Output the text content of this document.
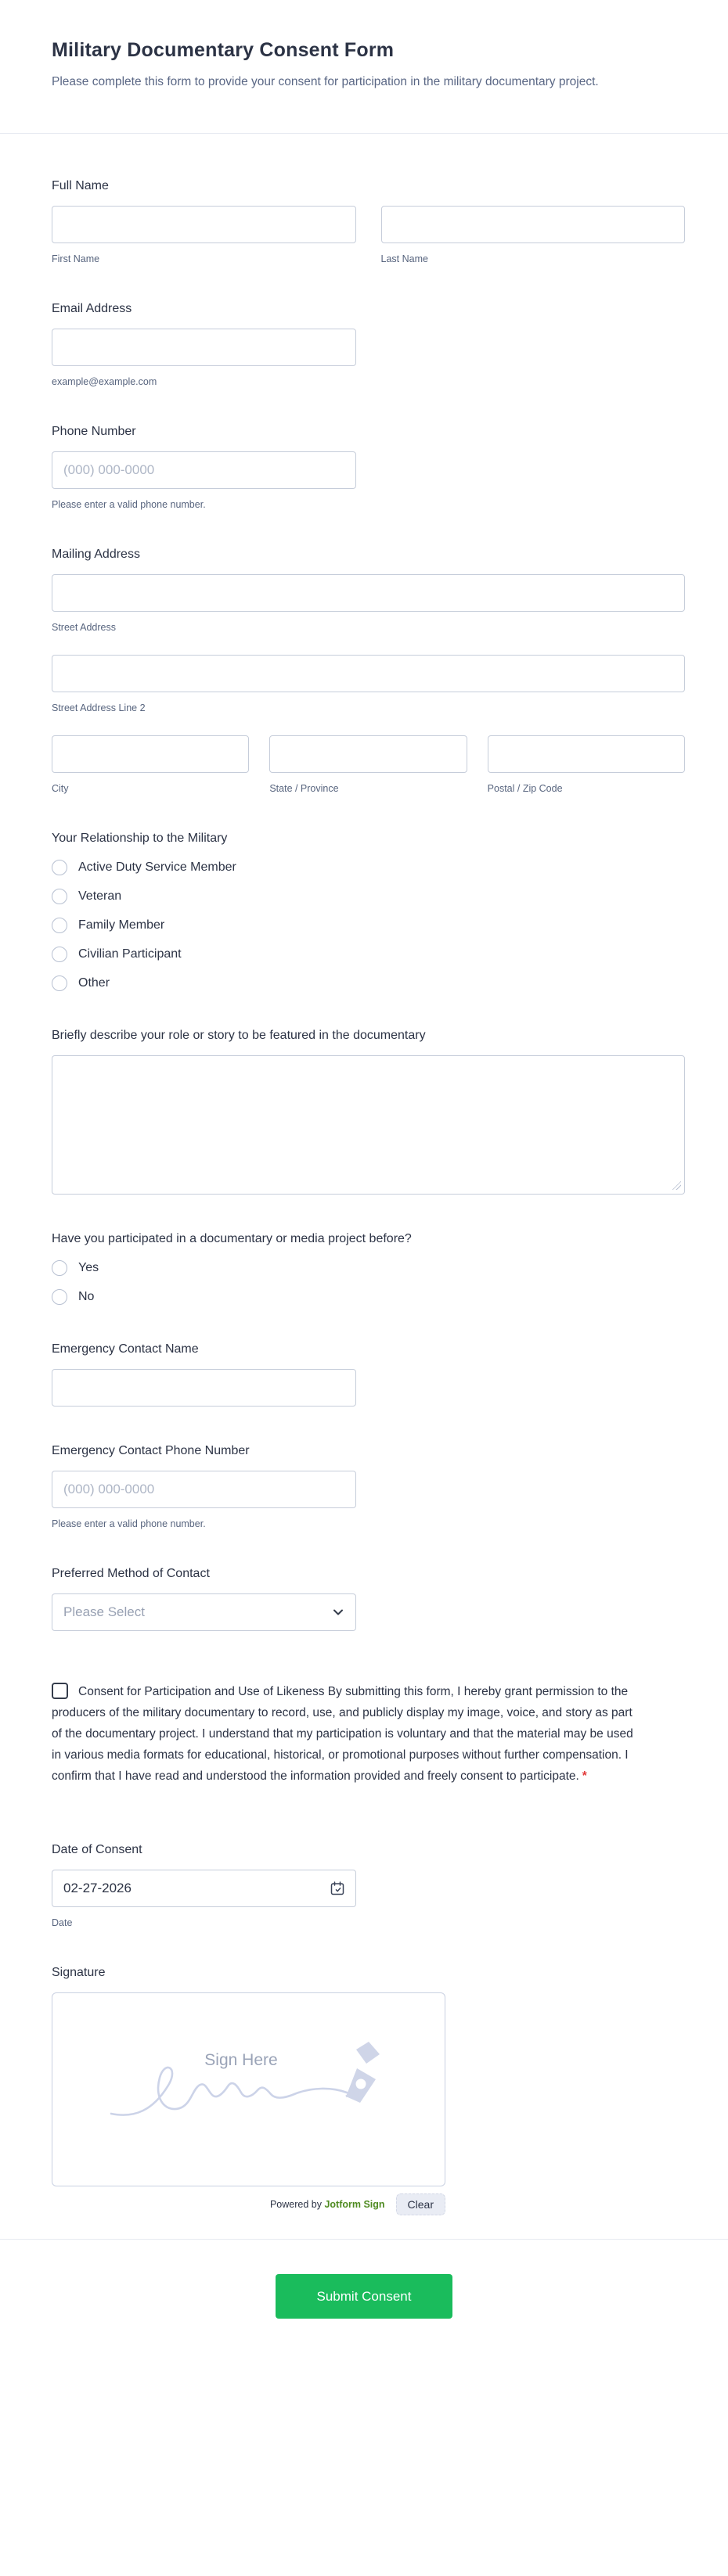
Military Documentary Consent Form

Please complete this form to provide your consent for participation in the military documentary project.

Full Name
First Name	Last Name
Email Address
example@example.com
Phone Number
(000) 000-0000
Please enter a valid phone number.
Mailing Address
Street Address
Street Address Line 2
City	State / Province	Postal / Zip Code
Your Relationship to the Military
Active Duty Service Member
Veteran
Family Member
Civilian Participant
Other
Briefly describe your role or story to be featured in the documentary
Have you participated in a documentary or media project before?
Yes
No
Emergency Contact Name
Emergency Contact Phone Number
(000) 000-0000
Please enter a valid phone number.
Preferred Method of Contact
Please Select
Consent for Participation and Use of Likeness By submitting this form, I hereby grant permission to the producers of the military documentary to record, use, and publicly display my image, voice, and story as part of the documentary project. I understand that my participation is voluntary and that the material may be used in various media formats for educational, historical, or promotional purposes without further compensation. I confirm that I have read and understood the information provided and freely consent to participate. *
Date of Consent
02-27-2026
Date
Signature
Sign Here
Powered by Jotform Sign	Clear
Submit Consent
